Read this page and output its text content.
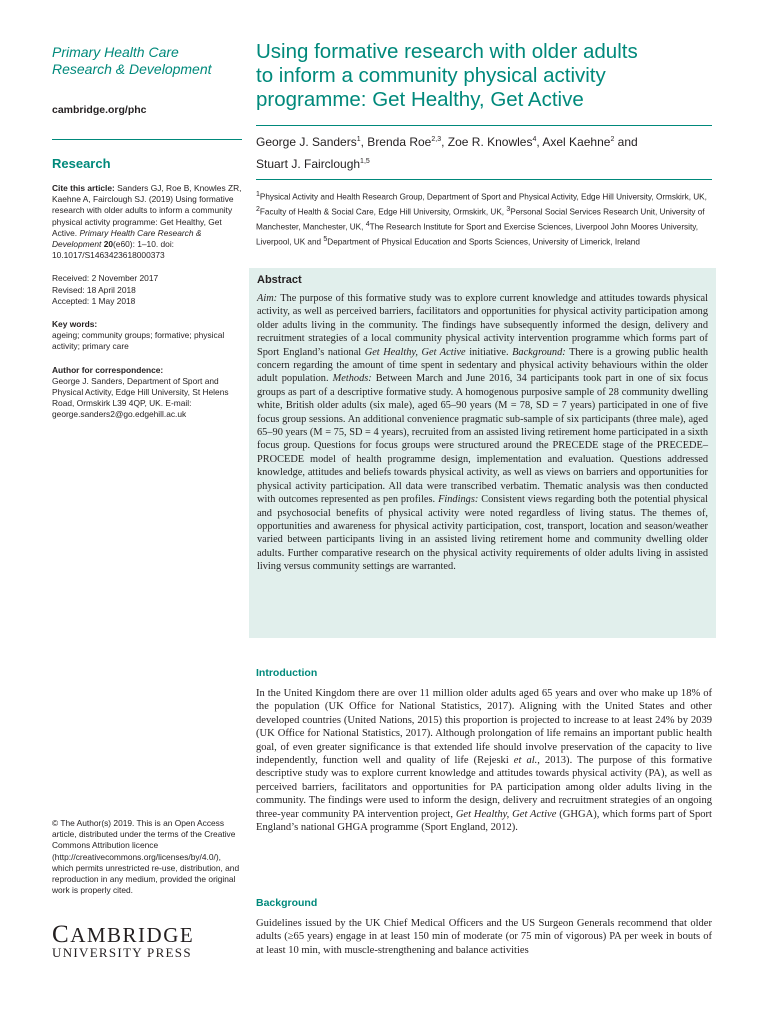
Primary Health Care
Research & Development
cambridge.org/phc
Research
Cite this article: Sanders GJ, Roe B, Knowles ZR, Kaehne A, Fairclough SJ. (2019) Using formative research with older adults to inform a community physical activity programme: Get Healthy, Get Active. Primary Health Care Research & Development 20(e60): 1–10. doi: 10.1017/S1463423618000373
Received: 2 November 2017
Revised: 18 April 2018
Accepted: 1 May 2018
Key words:
ageing; community groups; formative; physical activity; primary care
Author for correspondence:
George J. Sanders, Department of Sport and Physical Activity, Edge Hill University, St Helens Road, Ormskirk L39 4QP, UK. E-mail: george.sanders2@go.edgehill.ac.uk
© The Author(s) 2019. This is an Open Access article, distributed under the terms of the Creative Commons Attribution licence (http://creativecommons.org/licenses/by/4.0/), which permits unrestricted re-use, distribution, and reproduction in any medium, provided the original work is properly cited.
CAMBRIDGE
UNIVERSITY PRESS
Using formative research with older adults
to inform a community physical activity
programme: Get Healthy, Get Active
George J. Sanders$^1$, Brenda Roe$^{2,3}$, Zoe R. Knowles$^4$, Axel Kaehne$^2$ and
Stuart J. Fairclough$^{1,5}$
$^1$Physical Activity and Health Research Group, Department of Sport and Physical Activity, Edge Hill University, Ormskirk, UK, $^2$Faculty of Health & Social Care, Edge Hill University, Ormskirk, UK, $^3$Personal Social Services Research Unit, University of Manchester, Manchester, UK, $^4$The Research Institute for Sport and Exercise Sciences, Liverpool John Moores University, Liverpool, UK and $^5$Department of Physical Education and Sports Sciences, University of Limerick, Ireland
Abstract
Aim: The purpose of this formative study was to explore current knowledge and attitudes towards physical activity, as well as perceived barriers, facilitators and opportunities for physical activity participation among older adults living in the community. The findings have subsequently informed the design, delivery and recruitment strategies of a local community physical activity intervention programme which forms part of Sport England’s national Get Healthy, Get Active initiative. Background: There is a growing public health concern regarding the amount of time spent in sedentary and physical activity behaviours within the older adult population. Methods: Between March and June 2016, 34 participants took part in one of six focus groups as part of a descriptive formative study. A homogenous purposive sample of 28 community dwelling white, British older adults (six male), aged 65–90 years (M = 78, SD = 7 years) participated in one of five focus group sessions. An additional convenience pragmatic sub-sample of six participants (three male), aged 65–90 years (M = 75, SD = 4 years), recruited from an assisted living retirement home participated in a sixth focus group. Questions for focus groups were structured around the PRECEDE stage of the PRECEDE–PROCEDE model of health programme design, implementation and evaluation. Questions addressed knowledge, attitudes and beliefs towards physical activity, as well as views on barriers and opportunities for physical activity participation. All data were transcribed verbatim. Thematic analysis was then conducted with outcomes represented as pen profiles. Findings: Consistent views regarding both the potential physical and psychosocial benefits of physical activity were noted regardless of living status. The themes of, opportunities and awareness for physical activity participation, cost, transport, location and season/weather varied between participants living in an assisted living retirement home and community dwelling older adults. Further comparative research on the physical activity requirements of older adults living in assisted living versus community settings are warranted.
Introduction
In the United Kingdom there are over 11 million older adults aged 65 years and over who make up 18% of the population (UK Office for National Statistics, 2017). Aligning with the United States and other developed countries (United Nations, 2015) this proportion is projected to increase to at least 24% by 2039 (UK Office for National Statistics, 2017). Although prolongation of life remains an important public health goal, of even greater significance is that extended life should involve preservation of the capacity to live independently, function well and quality of life (Rejeski et al., 2013). The purpose of this formative descriptive study was to explore current knowledge and attitudes towards physical activity (PA), as well as perceived barriers, facilitators and opportunities for PA participation among older adults living in the community. The findings were used to inform the design, delivery and recruitment strategies of an ongoing three-year community PA intervention project, Get Healthy, Get Active (GHGA), which forms part of Sport England’s national GHGA programme (Sport England, 2012).
Background
Guidelines issued by the UK Chief Medical Officers and the US Surgeon Generals recommend that older adults (≥65 years) engage in at least 150 min of moderate (or 75 min of vigorous) PA per week in bouts of at least 10 min, with muscle-strengthening and balance activities
